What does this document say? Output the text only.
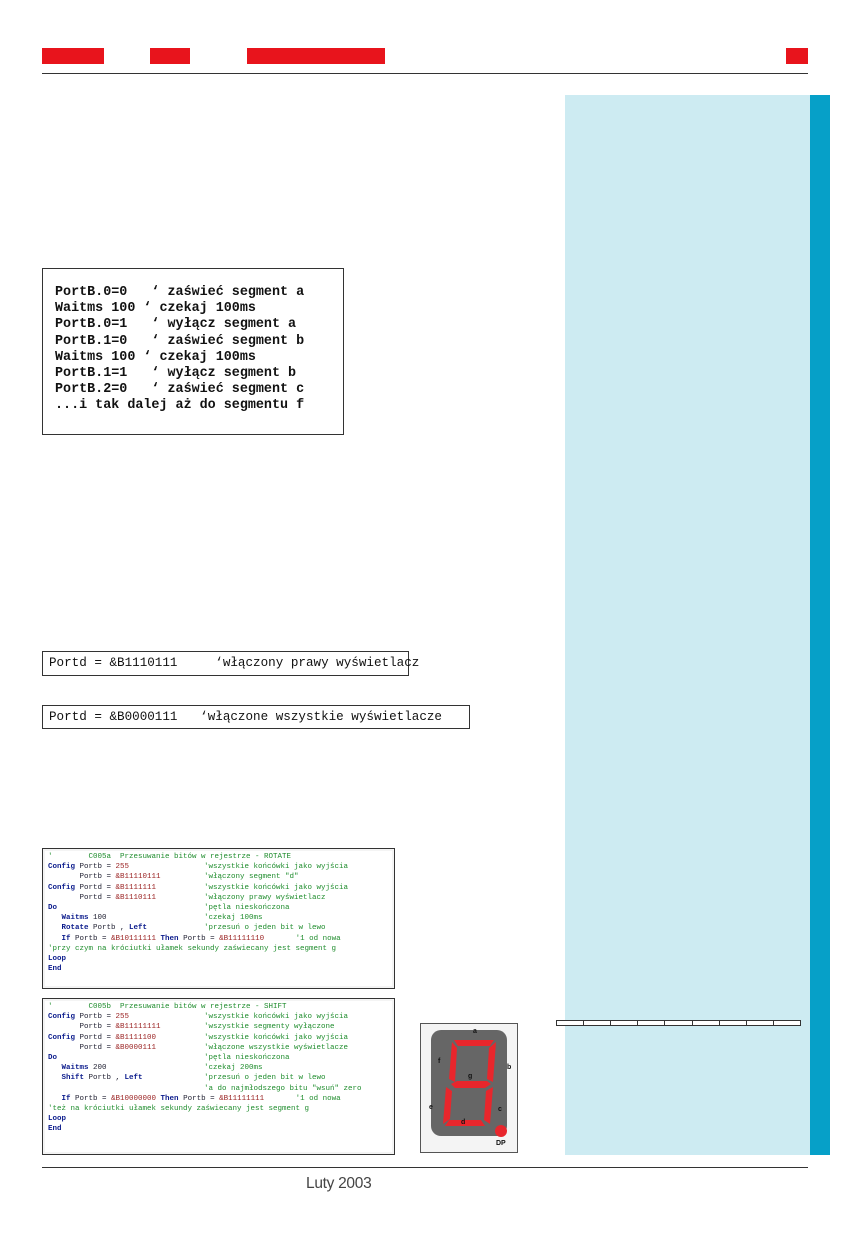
PortB.0=0   ‘ zaświeć segment a
Waitms 100 ‘ czekaj 100ms
PortB.0=1   ‘ wyłącz segment a
PortB.1=0   ‘ zaświeć segment b
Waitms 100 ‘ czekaj 100ms
PortB.1=1   ‘ wyłącz segment b
PortB.2=0   ‘ zaświeć segment c
...i tak dalej aż do segmentu f
Portd = &B1110111     ‘włączony prawy wyświetlacz
Portd = &B0000111   ‘włączone wszystkie wyświetlacze
'        C005a  Przesuwanie bitów w rejestrze - ROTATE
Config Portb = 255	'wszystkie końcówki jako wyjścia
Portb = &B11110111	'włączony segment "d"
Config Portd = &B1111111	'wszystkie końcówki jako wyjścia
Portd = &B1110111	'włączony prawy wyświetlacz
Do	'pętla nieskończona
Waitms 100	'czekaj 100ms
Rotate Portb , Left	'przesuń o jeden bit w lewo
If Portb = &B10111111 Then Portb = &B11111110       '1 od nowa
'przy czym na króciutki ułamek sekundy zaświecany jest segment g
Loop
End
'        C005b  Przesuwanie bitów w rejestrze - SHIFT
Config Portb = 255	'wszystkie końcówki jako wyjścia
Portb = &B11111111	'wszystkie segmenty wyłączone
Config Portd = &B1111100	'wszystkie końcówki jako wyjścia
Portd = &B0000111	'włączone wszystkie wyświetlacze
Do	'pętla nieskończona
Waitms 200	'czekaj 200ms
Shift Portb , Left	'przesuń o jeden bit w lewo
'a do najmłodszego bitu "wsuń" zero
If Portb = &B10000000 Then Portb = &B11111111       '1 od nowa
'też na króciutki ułamek sekundy zaświecany jest segment g
Loop
End
a
b
c
d
e
f
g
DP
Luty 2003
